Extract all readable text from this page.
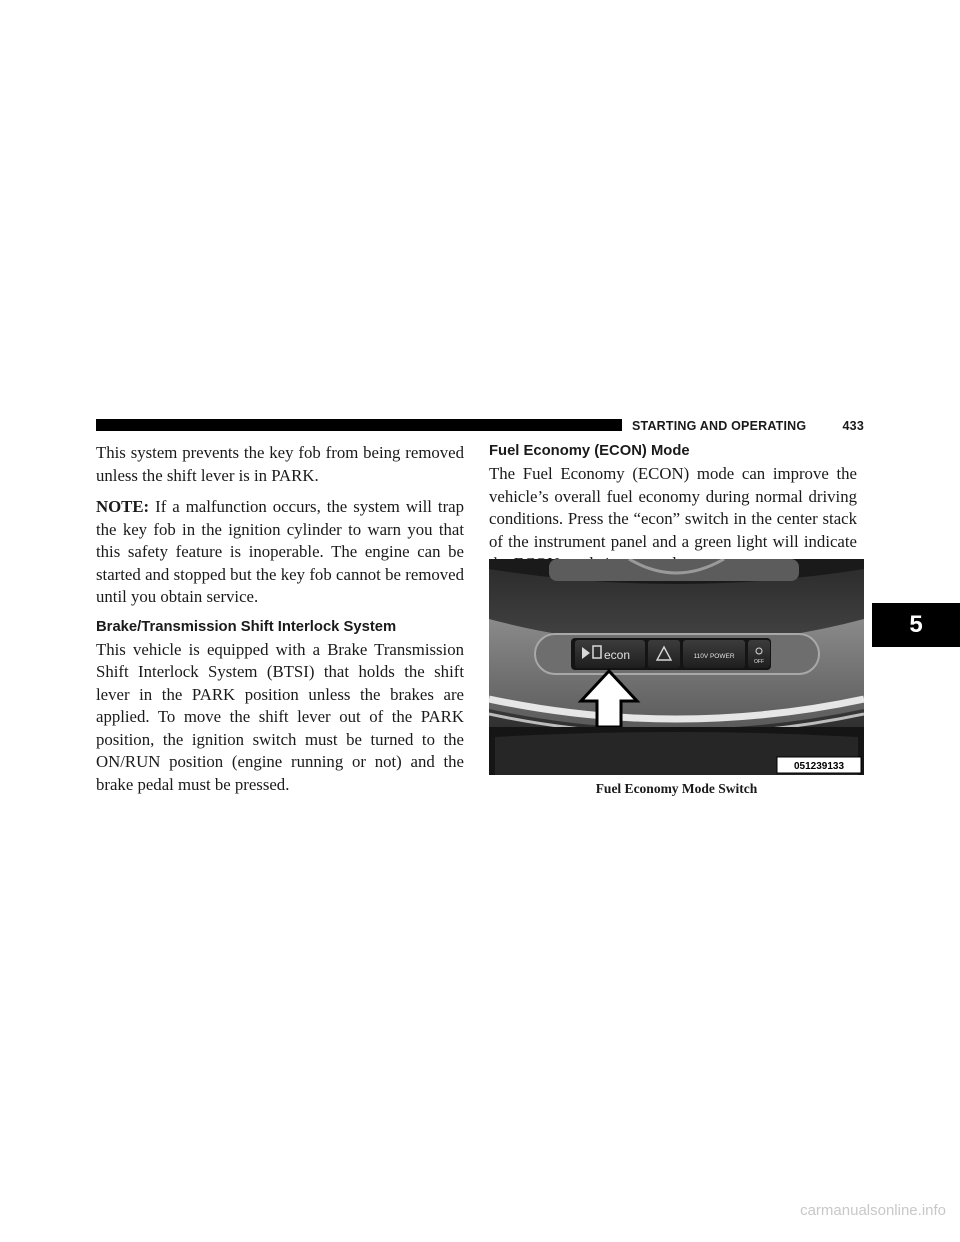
STARTING AND OPERATING	433

This system prevents the key fob from being removed unless the shift lever is in PARK.

NOTE: If a malfunction occurs, the system will trap the key fob in the ignition cylinder to warn you that this safety feature is inoperable. The engine can be started and stopped but the key fob cannot be removed until you obtain service.

Brake/Transmission Shift Interlock System

This vehicle is equipped with a Brake Transmission Shift Interlock System (BTSI) that holds the shift lever in the PARK position unless the brakes are applied. To move the shift lever out of the PARK position, the ignition switch must be turned to the ON/RUN position (engine running or not) and the brake pedal must be pressed.

Fuel Economy (ECON) Mode

The Fuel Economy (ECON) mode can improve the vehicle’s overall fuel economy during normal driving conditions. Press the “econ” switch in the center stack of the instrument panel and a green light will indicate

econ	110V POWER
OFF
051239133
Fuel Economy Mode Switch
5
carmanualsonline.info
